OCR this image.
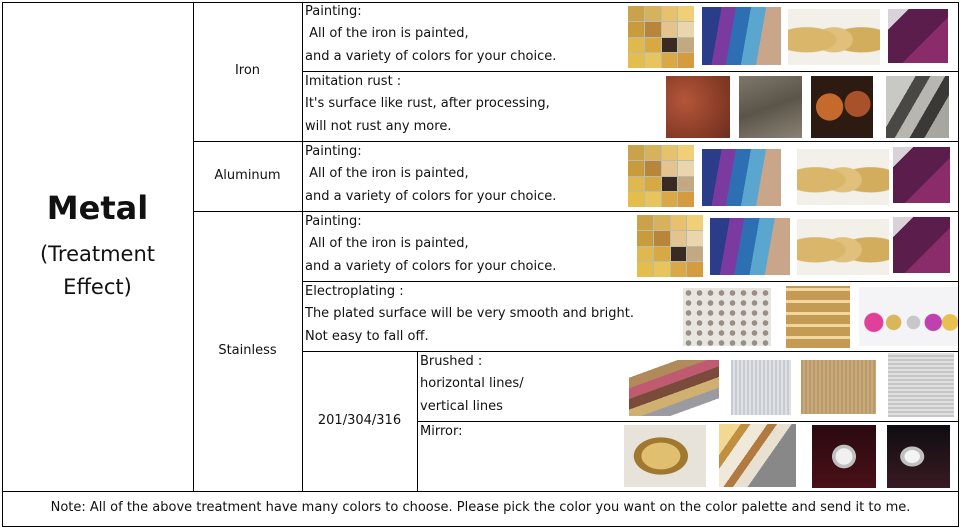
Metal
(Treatment
Effect)
Iron
Aluminum
Stainless
201/304/316
Painting:
All of the iron is painted,
and a variety of colors for your choice.
Imitation rust :
It's surface like rust, after processing,
will not rust any more.
Painting:
All of the iron is painted,
and a variety of colors for your choice.
Painting:
All of the iron is painted,
and a variety of colors for your choice.
Electroplating :
The plated surface will be very smooth and bright.
Not easy to fall off.
Brushed :
horizontal lines/
vertical lines
Mirror:
Note: All of the above treatment have many colors to choose. Please pick the color you want on the color palette and send it to me.
